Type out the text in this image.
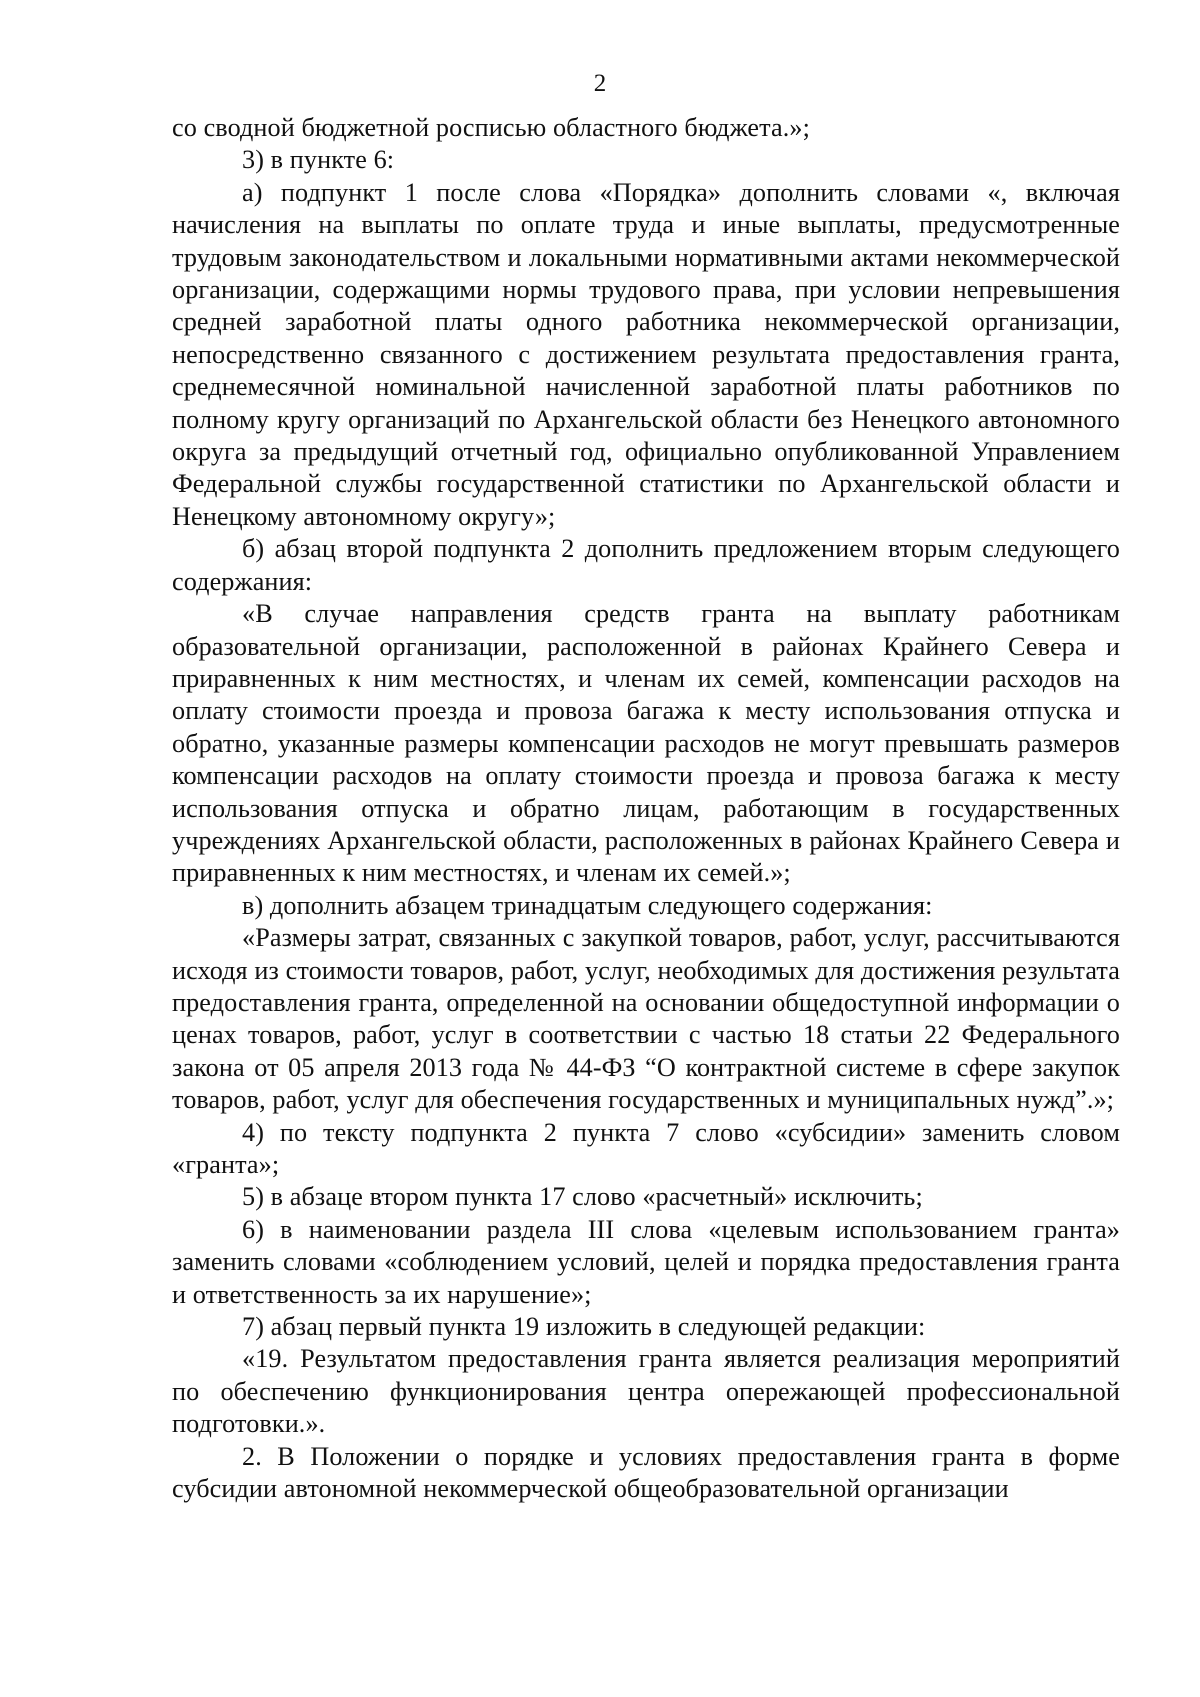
2

со сводной бюджетной росписью областного бюджета.»;

3) в пункте 6:

а) подпункт 1 после слова «Порядка» дополнить словами «, включая начисления на выплаты по оплате труда и иные выплаты, предусмотренные трудовым законодательством и локальными нормативными актами некоммерческой организации, содержащими нормы трудового права, при условии непревышения средней заработной платы одного работника некоммерческой организации, непосредственно связанного с достижением результата предоставления гранта, среднемесячной номинальной начисленной заработной платы работников по полному кругу организаций по Архангельской области без Ненецкого автономного округа за предыдущий отчетный год, официально опубликованной Управлением Федеральной службы государственной статистики по Архангельской области и Ненецкому автономному округу»;

б) абзац второй подпункта 2 дополнить предложением вторым следующего содержания:

«В случае направления средств гранта на выплату работникам образовательной организации, расположенной в районах Крайнего Севера и приравненных к ним местностях, и членам их семей, компенсации расходов на оплату стоимости проезда и провоза багажа к месту использования отпуска и обратно, указанные размеры компенсации расходов не могут превышать размеров компенсации расходов на оплату стоимости проезда и провоза багажа к месту использования отпуска и обратно лицам, работающим в государственных учреждениях Архангельской области, расположенных в районах Крайнего Севера и приравненных к ним местностях, и членам их семей.»;

в) дополнить абзацем тринадцатым следующего содержания:

«Размеры затрат, связанных с закупкой товаров, работ, услуг, рассчитываются исходя из стоимости товаров, работ, услуг, необходимых для достижения результата предоставления гранта, определенной на основании общедоступной информации о ценах товаров, работ, услуг в соответствии с частью 18 статьи 22 Федерального закона от 05 апреля 2013 года № 44-ФЗ “О контрактной системе в сфере закупок товаров, работ, услуг для обеспечения государственных и муниципальных нужд”.»;

4) по тексту подпункта 2 пункта 7 слово «субсидии» заменить словом «гранта»;

5) в абзаце втором пункта 17 слово «расчетный» исключить;

6) в наименовании раздела III слова «целевым использованием гранта» заменить словами «соблюдением условий, целей и порядка предоставления гранта и ответственность за их нарушение»;

7) абзац первый пункта 19 изложить в следующей редакции:

«19. Результатом предоставления гранта является реализация мероприятий по обеспечению функционирования центра опережающей профессиональной подготовки.».

2. В Положении о порядке и условиях предоставления гранта в форме субсидии автономной некоммерческой общеобразовательной организации
